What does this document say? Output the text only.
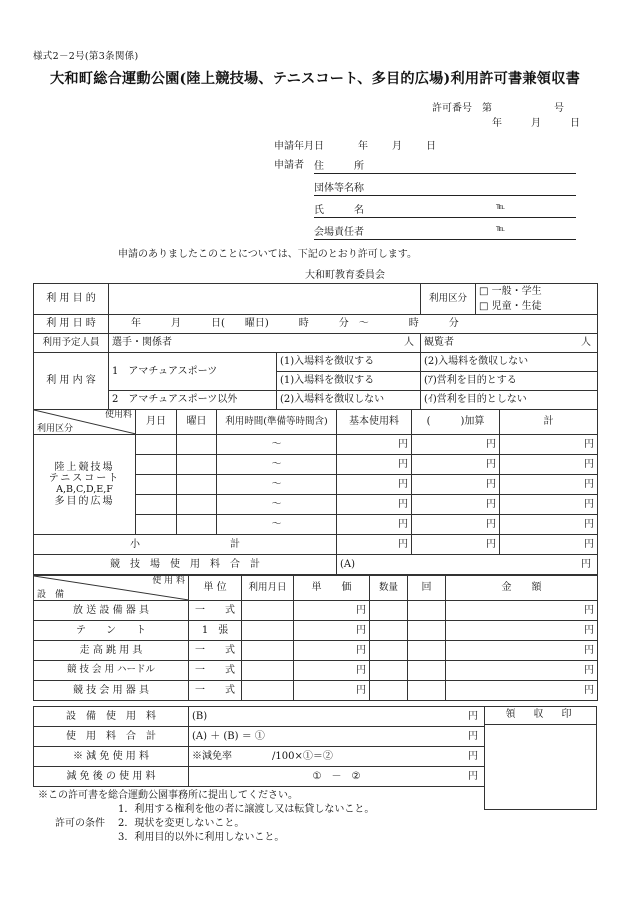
様式2－2号(第3条関係)
大和町総合運動公園(陸上競技場、テニスコート、多目的広場)利用許可書兼領収書
許可番号 第	号
年	月	日
申請年月日	年 月 日
申請者 住　　　所
団体等名称
氏　　　名	℡
会場責任者	℡
申請のありましたこのことについては、下記のとおり許可します。
大和町教育委員会
利 用 目 的			利用区分	□ 一般・学生
				□ 児童・生徒
利 用 日 時	年　　　月　　　日(　　曜日)　　　時　　　分　～　　　　時　　　分			
利用予定人員	選手・関係者 人		観覧者 人	

利 用 内 容	1　アマチュアスポーツ	(1)入場料を徴収する	(2)入場料を徴収しない	
		(1)入場料を徴収する	(ｱ)営利を目的とする	
	2　アマチュアスポーツ以外	(2)入場料を徴収しない	(ｲ)営利を目的としない	
使用料
利用区分	月日	曜日	利用時間(準備等時間含)	基本使用料	(　　　)加算	計

陸上競技場
テニスコート
A,B,C,D,E,F
多目的広場			～	円	円	円
			～	円	円	円
			～	円	円	円
			～	円	円	円
			～	円	円	円
小　　　　　　　　　計				円	円	円
競　技　場　使　用　料　合　計				(A) 円		
使 用 料
設　備	単 位	利用月日	単　　価	数量	回	金　　額
放 送 設 備 器 具	一　　式		円			円
テ　　ン　　ト	1　張		円			円
走 高 跳 用 具	一　　式		円			円
競 技 会 用 ハードル	一　　式		円			円
競 技 会 用 器 具	一　　式		円			円
設　備　使　用　料	(B) 円

使　用　料　合　計	(A) ＋ (B) ＝ ① 円

※ 減 免 使 用 料	※減免率　　　　/100×①＝② 円

減 免 後 の 使 用 料	①　－　② 円
領　収　印
※この許可書を総合運動公園事務所に提出してください。
許可の条件
1．利用する権利を他の者に譲渡し又は転貸しないこと。
2．現状を変更しないこと。
3．利用目的以外に利用しないこと。
